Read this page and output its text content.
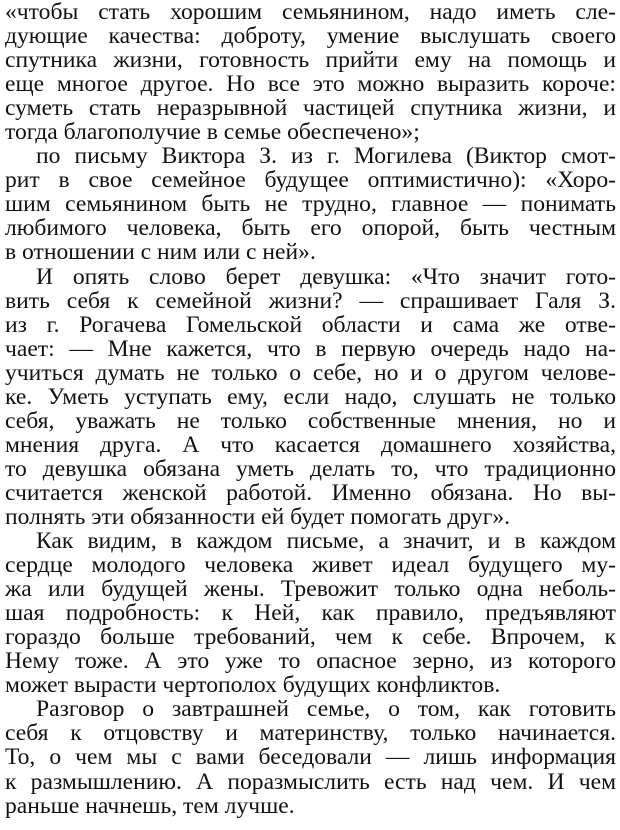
«чтобы стать хорошим семьянином, надо иметь сле-
дующие качества: доброту, умение выслушать своего
спутника жизни, готовность прийти ему на помощь и
еще многое другое. Но все это можно выразить короче:
суметь стать неразрывной частицей спутника жизни, и
тогда благополучие в семье обеспечено»;
по письму Виктора З. из г. Могилева (Виктор смот-
рит в свое семейное будущее оптимистично): «Хоро-
шим семьянином быть не трудно, главное — понимать
любимого человека, быть его опорой, быть честным
в отношении с ним или с ней».
И опять слово берет девушка: «Что значит гото-
вить себя к семейной жизни? — спрашивает Галя З.
из г. Рогачева Гомельской области и сама же отве-
чает: — Мне кажется, что в первую очередь надо на-
учиться думать не только о себе, но и о другом челове-
ке. Уметь уступать ему, если надо, слушать не только
себя, уважать не только собственные мнения, но и
мнения друга. А что касается домашнего хозяйства,
то девушка обязана уметь делать то, что традиционно
считается женской работой. Именно обязана. Но вы-
полнять эти обязанности ей будет помогать друг».
Как видим, в каждом письме, а значит, и в каждом
сердце молодого человека живет идеал будущего му-
жа или будущей жены. Тревожит только одна неболь-
шая подробность: к Ней, как правило, предъявляют
гораздо больше требований, чем к себе. Впрочем, к
Нему тоже. А это уже то опасное зерно, из которого
может вырасти чертополох будущих конфликтов.
Разговор о завтрашней семье, о том, как готовить
себя к отцовству и материнству, только начинается.
То, о чем мы с вами беседовали — лишь информация
к размышлению. А поразмыслить есть над чем. И чем
раньше начнешь, тем лучше.
